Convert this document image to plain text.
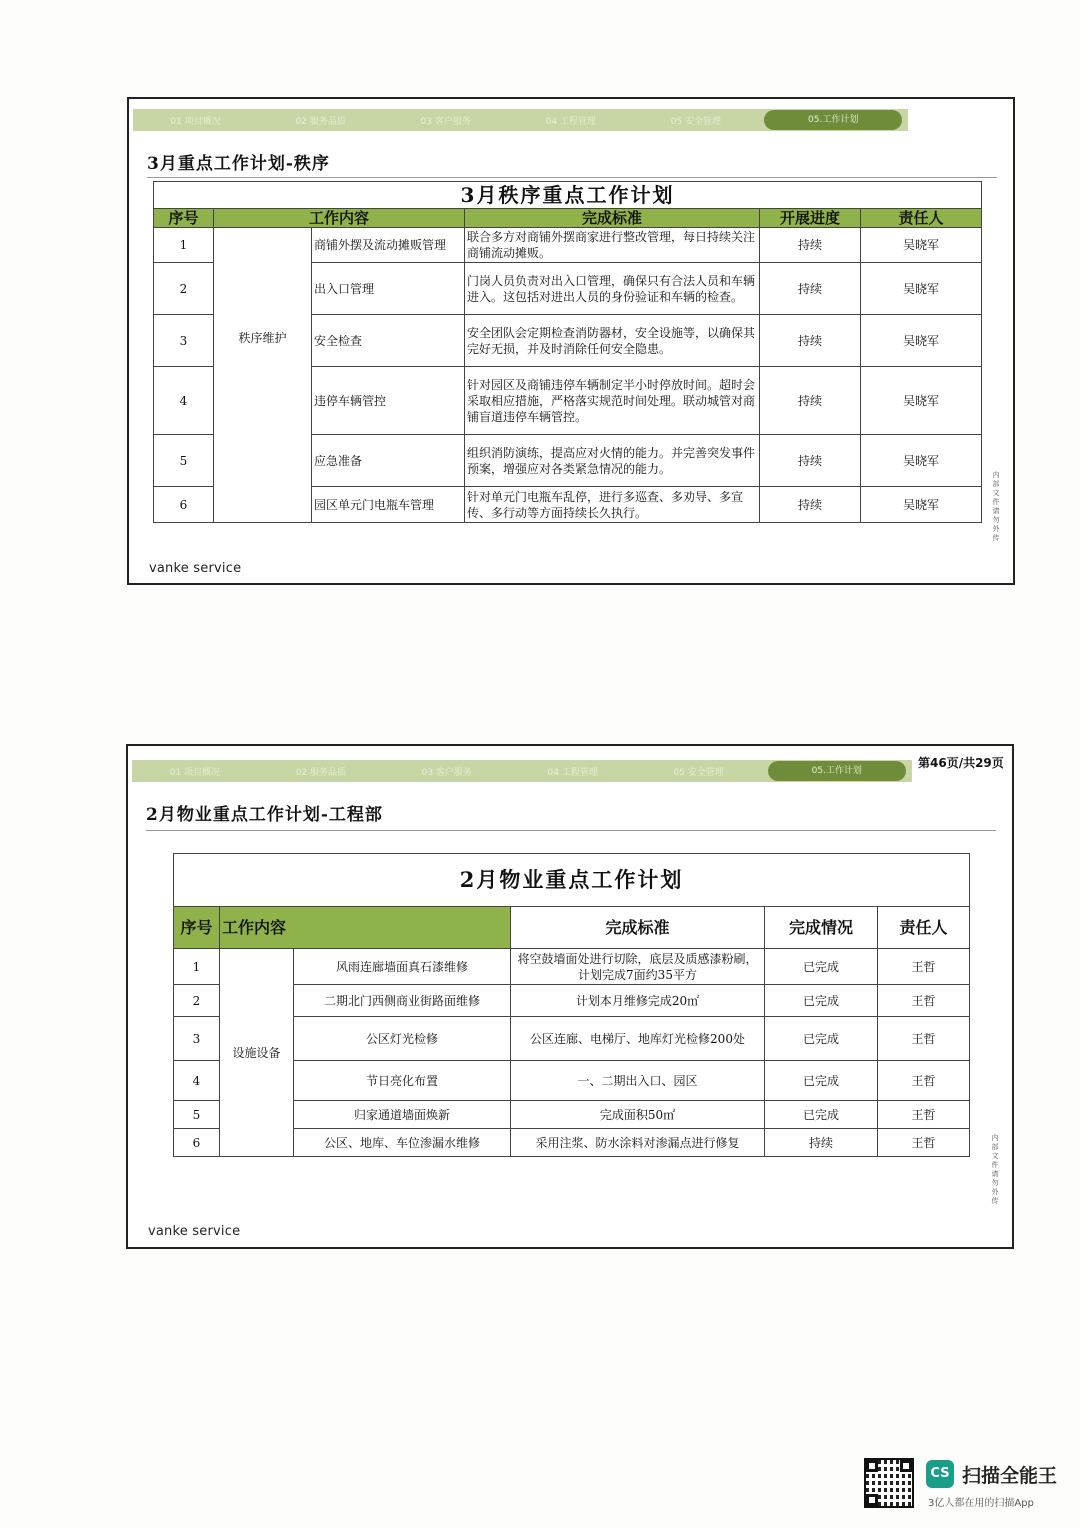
01 项目概况	02 服务品质	03 客户服务	04 工程管理	05 安全管理	05.工作计划
3月重点工作计划-秩序
3月秩序重点工作计划					
序号	工作内容		完成标准	开展进度	责任人
1	秩序维护	商铺外摆及流动摊贩管理	联合多方对商铺外摆商家进行整改管理，每日持续关注商铺流动摊贩。	持续	吴晓军
2		出入口管理	门岗人员负责对出入口管理，确保只有合法人员和车辆进入。这包括对进出人员的身份验证和车辆的检查。	持续	吴晓军
3		安全检查	安全团队会定期检查消防器材，安全设施等，以确保其完好无损，并及时消除任何安全隐患。	持续	吴晓军
4		违停车辆管控	针对园区及商铺违停车辆制定半小时停放时间。超时会采取相应措施，严格落实规范时间处理。联动城管对商铺盲道违停车辆管控。	持续	吴晓军
5		应急准备	组织消防演练，提高应对火情的能力。并完善突发事件预案，增强应对各类紧急情况的能力。	持续	吴晓军
6		园区单元门电瓶车管理	针对单元门电瓶车乱停，进行多巡查、多劝导、多宣传、多行动等方面持续长久执行。	持续	吴晓军
内部文件 请勿外传
vanke service
01 项目概况	02 服务品质	03 客户服务	04 工程管理	05 安全管理	05.工作计划
第46页/共29页
2月物业重点工作计划-工程部
2月物业重点工作计划					
序号	工作内容		完成标准	完成情况	责任人
1	设施设备	风雨连廊墙面真石漆维修	将空鼓墙面处进行切除，底层及质感漆粉刷，计划完成7面约35平方	已完成	王哲
2		二期北门西侧商业街路面维修	计划本月维修完成20㎡	已完成	王哲
3		公区灯光检修	公区连廊、电梯厅、地库灯光检修200处	已完成	王哲
4		节日亮化布置	一、二期出入口、园区	已完成	王哲
5		归家通道墙面焕新	完成面积50㎡	已完成	王哲
6		公区、地库、车位渗漏水维修	采用注浆、防水涂料对渗漏点进行修复	持续	王哲	内部文件 请勿外传
vanke service
CS 扫描全能王
3亿人都在用的扫描App
